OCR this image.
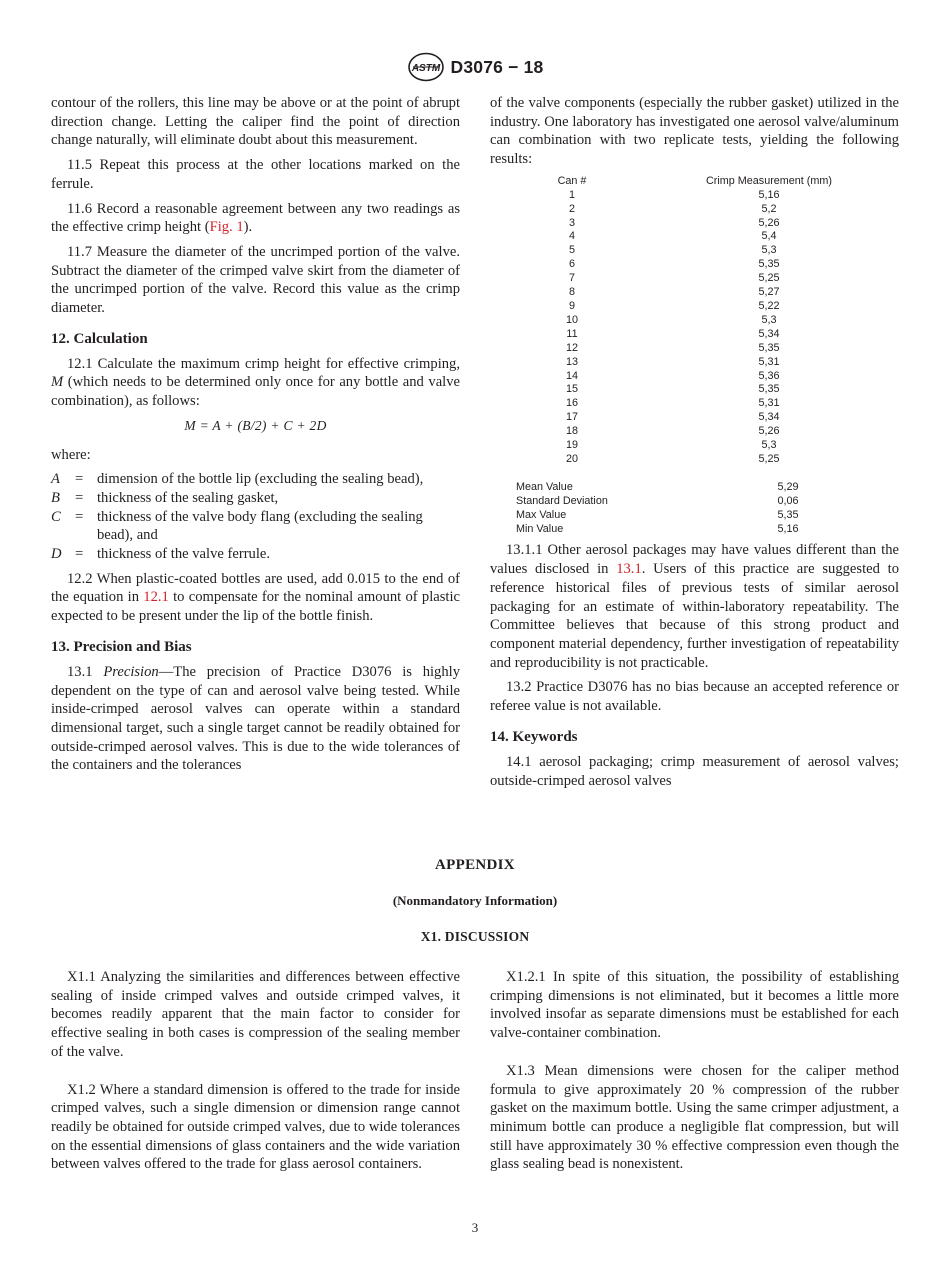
ASTM D3076 − 18

contour of the rollers, this line may be above or at the point of abrupt direction change. Letting the caliper find the point of direction change naturally, will eliminate doubt about this measurement.

11.5 Repeat this process at the other locations marked on the ferrule.

11.6 Record a reasonable agreement between any two readings as the effective crimp height (Fig. 1).

11.7 Measure the diameter of the uncrimped portion of the valve. Subtract the diameter of the crimped valve skirt from the diameter of the uncrimped portion of the valve. Record this value as the crimp diameter.

12. Calculation

12.1 Calculate the maximum crimp height for effective crimping, M (which needs to be determined only once for any bottle and valve combination), as follows:

M = A + (B/2) + C + 2D

where:

A	= dimension of the bottle lip (excluding the sealing bead),
B	= thickness of the sealing gasket,
C = thickness of the valve body flang (excluding the sealing bead), and
D = thickness of the valve ferrule.

12.2 When plastic-coated bottles are used, add 0.015 to the end of the equation in 12.1 to compensate for the nominal amount of plastic expected to be present under the lip of the bottle finish.

13. Precision and Bias

13.1 Precision—The precision of Practice D3076 is highly dependent on the type of can and aerosol valve being tested. While inside-crimped aerosol valves can operate within a standard dimensional target, such a single target cannot be readily obtained for outside-crimped aerosol valves. This is due to the wide tolerances of the containers and the tolerances

of the valve components (especially the rubber gasket) utilized in the industry. One laboratory has investigated one aerosol valve/aluminum can combination with two replicate tests, yielding the following results:

Can #	Crimp Measurement (mm)
1	5,16
2	5,2
3	5,26
4	5,4
5	5,3
6	5,35
7	5,25
8	5,27
9	5,22
10	5,3
11	5,34
12	5,35
13	5,31
14	5,36
15	5,35
16	5,31
17	5,34
18	5,26
19	5,3
20	5,25
Mean Value	5,29
Standard Deviation	0,06
Max Value	5,35
Min Value	5,16

13.1.1 Other aerosol packages may have values different than the values disclosed in 13.1. Users of this practice are suggested to reference historical files of previous tests of similar aerosol packaging for an estimate of within-laboratory repeatability. The Committee believes that because of this strong product and component material dependency, further investigation of repeatability and reproducibility is not practicable.

13.2 Practice D3076 has no bias because an accepted reference or referee value is not available.

14. Keywords

14.1 aerosol packaging; crimp measurement of aerosol valves; outside-crimped aerosol valves

APPENDIX
(Nonmandatory Information)
X1. DISCUSSION

X1.1 Analyzing the similarities and differences between effective sealing of inside crimped valves and outside crimped valves, it becomes readily apparent that the main factor to consider for effective sealing in both cases is compression of the sealing member of the valve.

X1.2 Where a standard dimension is offered to the trade for inside crimped valves, such a single dimension or dimension range cannot readily be obtained for outside crimped valves, due to wide tolerances on the essential dimensions of glass containers and the wide variation between valves offered to the trade for glass aerosol containers.

X1.2.1 In spite of this situation, the possibility of establishing crimping dimensions is not eliminated, but it becomes a little more involved insofar as separate dimensions must be established for each valve-container combination.

X1.3 Mean dimensions were chosen for the caliper method formula to give approximately 20 % compression of the rubber gasket on the maximum bottle. Using the same crimper adjustment, a minimum bottle can produce a negligible flat compression, but will still have approximately 30 % effective compression even though the glass sealing bead is nonexistent.

3
